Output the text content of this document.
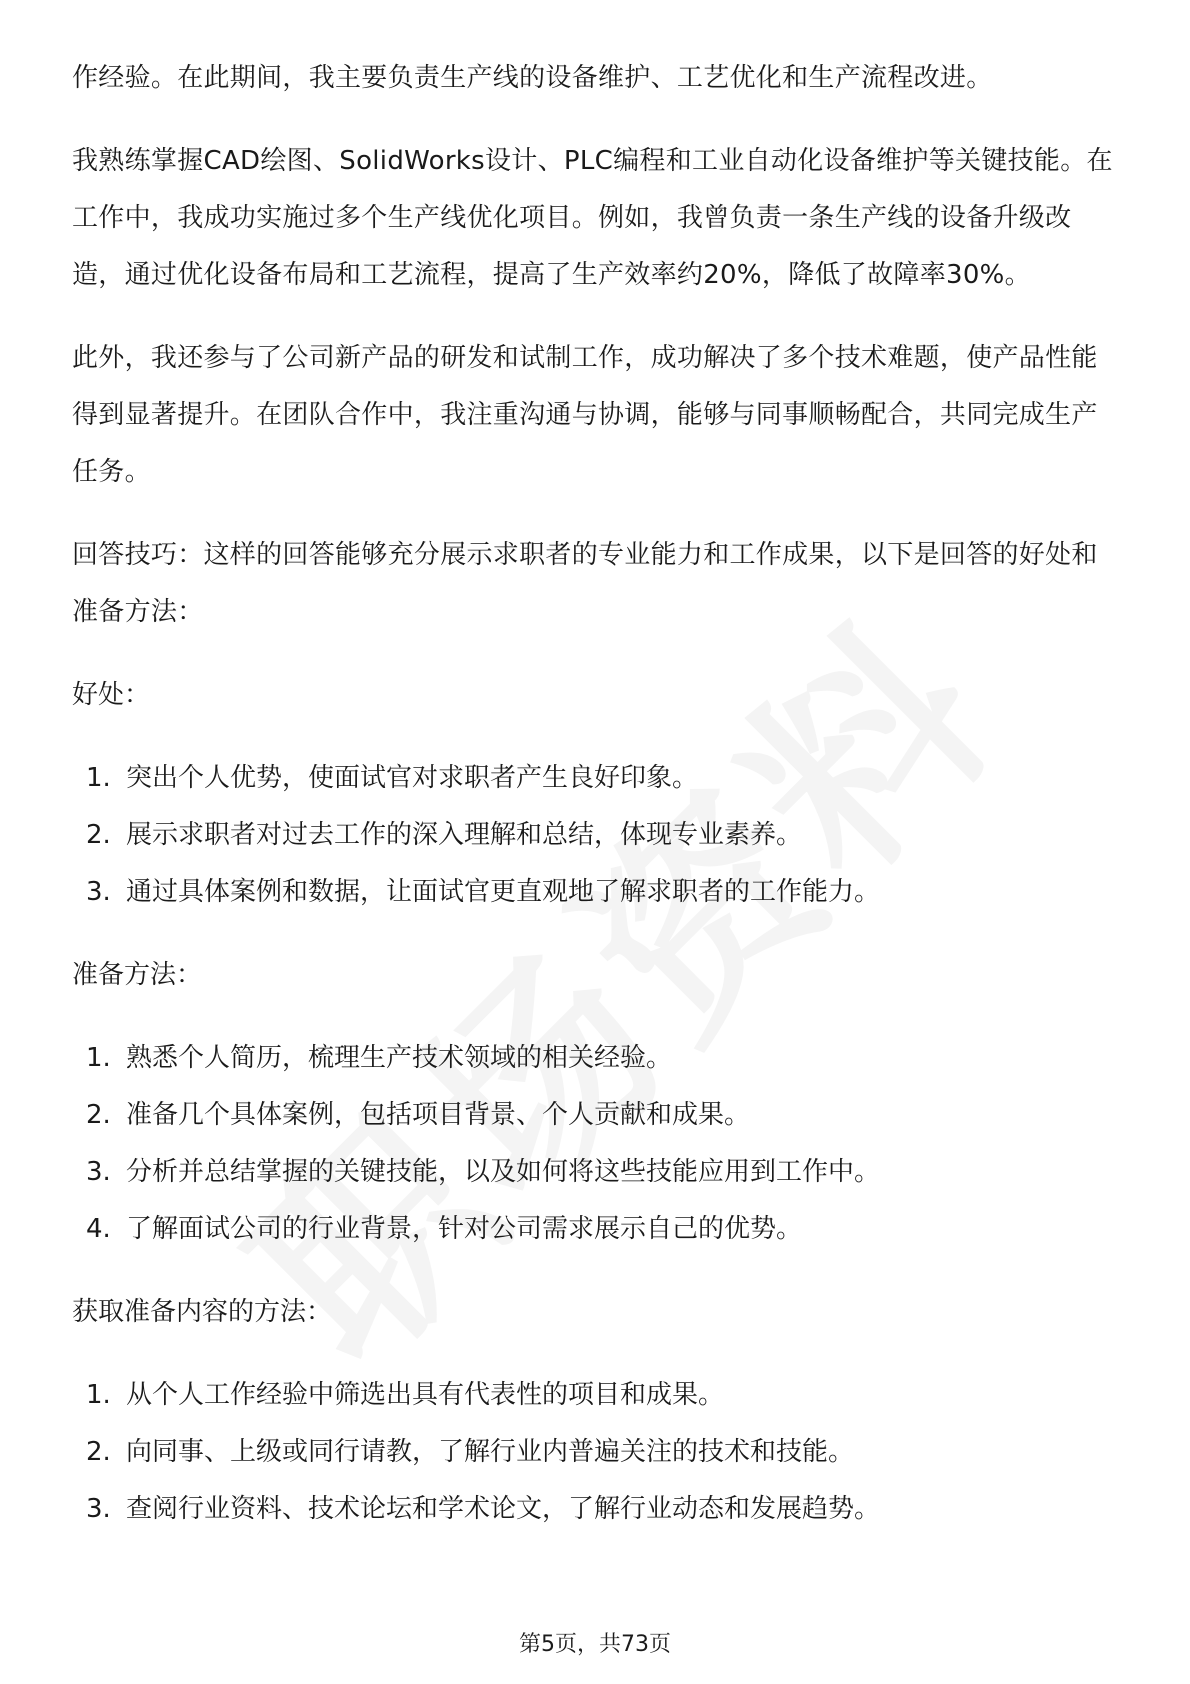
作经验。在此期间，我主要负责生产线的设备维护、工艺优化和生产流程改进。

我熟练掌握CAD绘图、SolidWorks设计、PLC编程和工业自动化设备维护等关键技能。在工作中，我成功实施过多个生产线优化项目。例如，我曾负责一条生产线的设备升级改造，通过优化设备布局和工艺流程，提高了生产效率约20%，降低了故障率30%。

此外，我还参与了公司新产品的研发和试制工作，成功解决了多个技术难题，使产品性能得到显著提升。在团队合作中，我注重沟通与协调，能够与同事顺畅配合，共同完成生产任务。

回答技巧：这样的回答能够充分展示求职者的专业能力和工作成果，以下是回答的好处和准备方法：

好处：
1. 突出个人优势，使面试官对求职者产生良好印象。
2. 展示求职者对过去工作的深入理解和总结，体现专业素养。
3. 通过具体案例和数据，让面试官更直观地了解求职者的工作能力。
准备方法：
1. 熟悉个人简历，梳理生产技术领域的相关经验。
2. 准备几个具体案例，包括项目背景、个人贡献和成果。
3. 分析并总结掌握的关键技能，以及如何将这些技能应用到工作中。
4. 了解面试公司的行业背景，针对公司需求展示自己的优势。
获取准备内容的方法：
1. 从个人工作经验中筛选出具有代表性的项目和成果。
2. 向同事、上级或同行请教，了解行业内普遍关注的技术和技能。
3. 查阅行业资料、技术论坛和学术论文，了解行业动态和发展趋势。
第5页，共73页
